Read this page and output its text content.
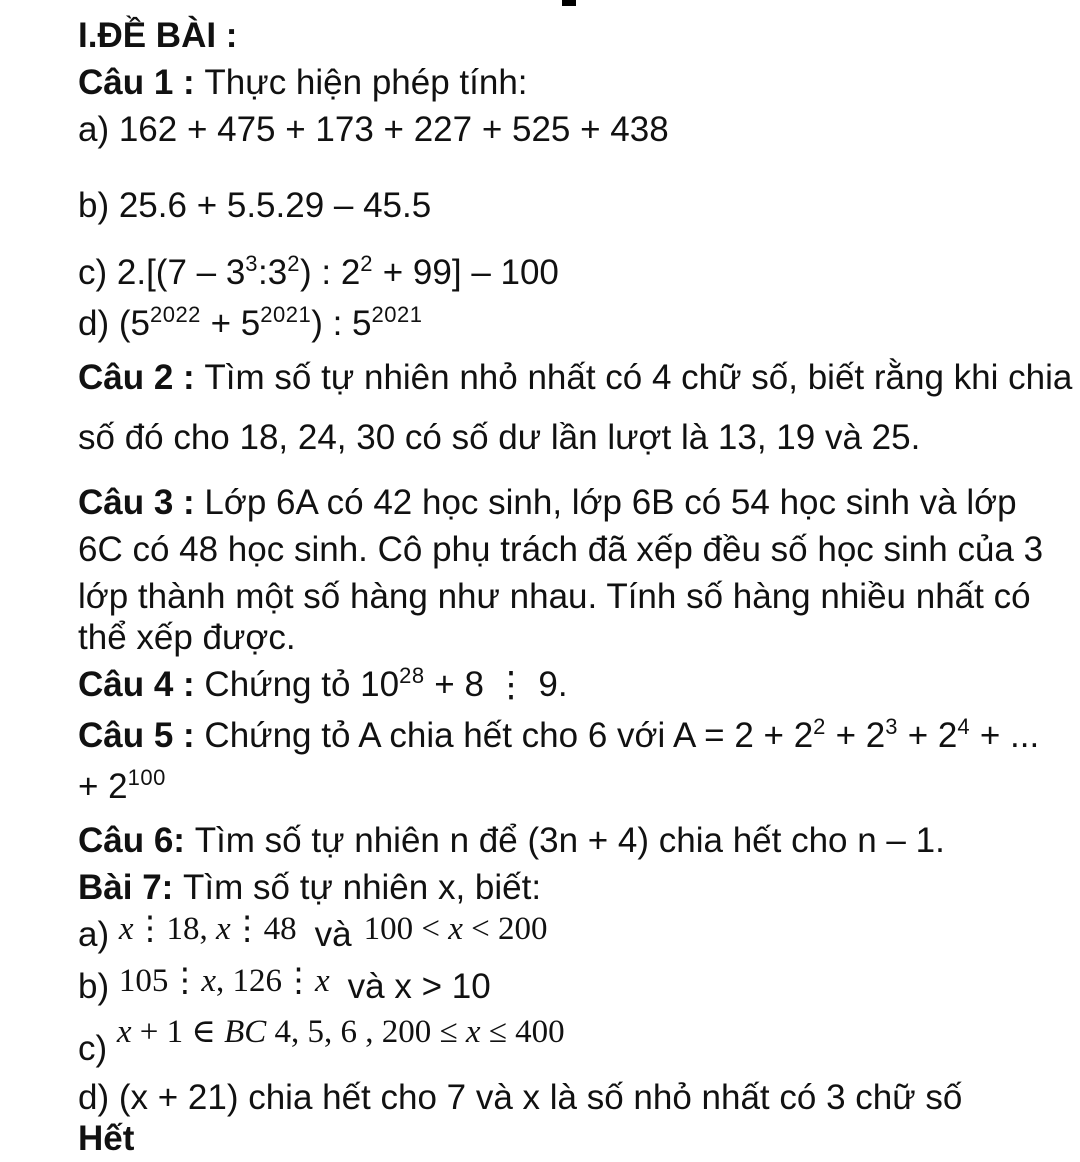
I.ĐỀ BÀI :
Câu 1 : Thực hiện phép tính:
a) 162 + 475 + 173 + 227 + 525 + 438
b) 25.6 + 5.5.29 – 45.5
c) $2.[(7 - 3^3:3^2)$ : $2^2 + 99] - 100$
d) $(5^{2022} + 5^{2021})$ : $5^{2021}$
Câu 2 : Tìm số tự nhiên nhỏ nhất có 4 chữ số, biết rằng khi chia
số đó cho 18, 24, 30 có số dư lần lượt là 13, 19 và 25.
Câu 3 : Lớp 6A có 42 học sinh, lớp 6B có 54 học sinh và lớp
6C có 48 học sinh. Cô phụ trách đã xếp đều số học sinh của 3
lớp thành một số hàng như nhau. Tính số hàng nhiều nhất có
thể xếp được.
Câu 4 : Chứng tỏ $10^{28} + 8$ ⋮ 9.
Câu 5 : Chứng tỏ A chia hết cho 6 với $A = 2 + 2^2 + 2^3 + 2^4$ + ...
+ $2^{100}$
Câu 6: Tìm số tự nhiên n để (3n + 4) chia hết cho n – 1.
Bài 7: Tìm số tự nhiên x, biết:
a) x⋮18, x⋮48 và 100 < x < 200
b) 105⋮x, 126⋮x và x > 10
c) x + 1 ∈ BC 4, 5, 6 , 200 ≤ x ≤ 400
d) (x + 21) chia hết cho 7 và x là số nhỏ nhất có 3 chữ số
Hết
